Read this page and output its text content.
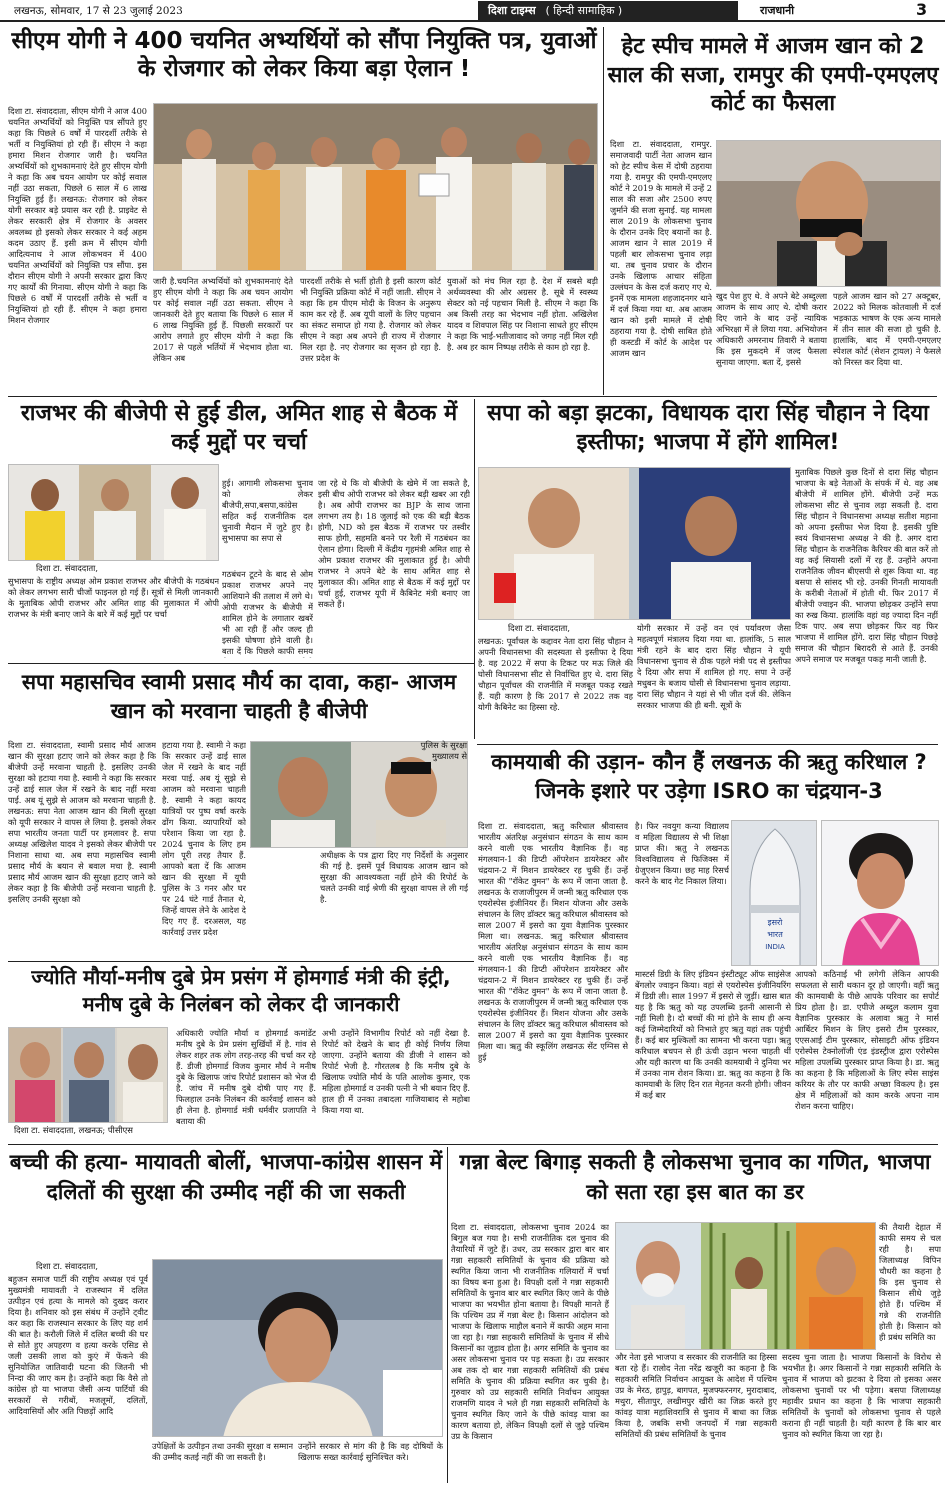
लखनऊ, सोमवार, 17 से 23 जुलाई 2023	दिशा टाइम्स ( हिन्दी सामाहिक )	राजधानी	3
सीएम योगी ने 400 चयनित अभ्यर्थियों को सौंपा नियुक्ति पत्र, युवाओं के रोजगार को लेकर किया बड़ा ऐलान !
दिशा टा. संवाददाता, सीएम योगी ने आज 400 चयनित अभ्यर्थियों को नियुक्ति पत्र सौंपते हुए कहा कि पिछले 6 वर्षों में पारदर्शी तरीके से भर्ती व नियुक्तियां हो रही हैं। सीएम ने कहा हमारा मिशन रोजगार जारी है। चयनित अभ्यर्थियों को शुभकामनाएं देते हुए सीएम योगी ने कहा कि अब चयन आयोग पर कोई सवाल नहीं उठा सकता, पिछले 6 साल में 6 लाख नियुक्ति हुई हैं। लखनऊ: रोजगार को लेकर योगी सरकार बड़े प्रयास कर रही है. प्राइवेट से लेकर सरकारी क्षेत्र में रोजगार के अवसर अवलब्ध हो इसको लेकर सरकार ने कई अहम कदम उठाए हैं. इसी क्रम में सीएम योगी आदित्यनाथ ने आज लोकभवन में 400 चयनित अभ्यर्थियों को नियुक्ति पत्र सौंपा. इस दौरान सीएम योगी ने अपनी सरकार द्वारा किए गए कार्यों की गिनाया. सीएम योगी ने कहा कि पिछले 6 वर्षों में पारदर्शी तरीके से भर्ती व नियुक्तियां हो रही हैं. सीएम ने कहा हमारा मिशन रोजगार
जारी है.चयनित अभ्यर्थियों को शुभकामनाएं देते हुए सीएम योगी ने कहा कि अब चयन आयोग पर कोई सवाल नहीं उठा सकता. सीएम ने जानकारी देते हुए बताया कि पिछले 6 साल में 6 लाख नियुक्ति हुई हैं. पिछली सरकारों पर आरोप लगाते हुए सीएम योगी ने कहा कि 2017 से पहले भर्तियों में भेदभाव होता था. लेकिन अब
पारदर्शी तरीके से भर्ती होती है इसी कारण कोर्ट भी नियुक्ति प्रक्रिया कोर्ट में नहीं जाती. सीएम ने कहा कि हम पीएम मोदी के विजन के अनुरूप काम कर रहे हैं. अब यूपी वालों के लिए पहचान का संकट समाप्त हो गया है. रोजगार को लेकर सीएम ने कहा अब अपने ही राज्य में रोजगार मिल रहा है. नए रोजगार का सृजन हो रहा है. उत्तर प्रदेश के
युवाओं को मंच मिल रहा है. देश में सबसे बड़ी अर्थव्यवस्था की ओर अग्रसर है. सूबे में स्वस्थ्य सेक्टर को नई पहचान मिली है. सीएम ने कहा कि अब किसी तरह का भेदभाव नहीं होता. अखिलेश यादव व शिवपाल सिंह पर निशाना साधते हुए सीएम ने कहा कि भाई-भतीजावाद को जगह नहीं मिल रही है. अब हर काम निष्पक्ष तरीके से काम हो रहा है.
हेट स्पीच मामले में आजम खान को 2 साल की सजा, रामपुर की एमपी-एमएलए कोर्ट का फैसला
दिशा टा. संवाददाता, रामपुर. समाजवादी पार्टी नेता आजम खान को हेट स्पीच केस में दोषी ठहराया गया है. रामपुर की एमपी-एमएलए कोर्ट ने 2019 के मामले में उन्हें 2 साल की सजा और 2500 रुपए जुर्माने की सजा सुनाई. यह मामला साल 2019 के लोकसभा चुनाव के दौरान उनके दिए बयानों का है. आजम खान ने साल 2019 में पहली बार लोकसभा चुनाव लड़ा था. तब चुनाव प्रचार के दौरान उनके खिलाफ आचार संहिता उल्लंघन के केस दर्ज कराए गए थे. इनमें एक मामला शहजादनगर थाने में दर्ज किया गया था. अब आजम खान को इसी मामले में दोषी ठहराया गया है. दोषी साबित होते ही कस्टडी में कोर्ट के आदेश पर आजम खान
खुद पेश हुए थे. वे अपने बेटे अब्दुल्ला आजम के साथ आए थे. दोषी करार दिए जाने के बाद उन्हें न्यायिक अभिरक्षा में ले लिया गया. अभियोजन अधिकारी अमरनाथ तिवारी ने बताया कि इस मुकदमे में जल्द फैसला सुनाया जाएगा. बता दें, इससे
पहले आजम खान को 27 अक्टूबर, 2022 को मिलक कोतवाली में दर्ज भड़काऊ भाषण के एक अन्य मामले में तीन साल की सजा हो चुकी है. हालांकि, बाद में एमपी-एमएलए स्पेशल कोर्ट (सेशन ट्रायल) ने फैसले को निरस्त कर दिया था.
राजभर की बीजेपी से हुई डील, अमित शाह से बैठक में कई मुद्दों पर चर्चा
दिशा टा. संवाददाता,
सुभासपा के राष्ट्रीय अध्यक्ष ओम प्रकाश राजभर और बीजेपी के गठबंधन को लेकर लगभग सारी चीजों फाइनल हो गई हैं। सूत्रों से मिली जानकारी के मुताबिक ओपी राजभर और अमित शाह की मुलाकात में ओपी राजभर के मंत्री बनाए जाने के बारे में कई मुद्दों पर चर्चा
हुई। आगामी लोकसभा चुनाव को लेकर बीजेपी,सपा,बसपा,कांग्रेस सहित कई राजनीतिक दल चुनावी मैदान में जुटे हुए है। सुभासपा का सपा से
गठबंधन टूटने के बाद से ओम प्रकाश राजभर अपने नए आशियाने की तलाश में लगे थे। ओपी राजभर के बीजेपी में शामिल होने के लगातार खबरें भी आ रही हैं और जल्द ही इसकी घोषणा होने वाली है। बता दें कि पिछले काफी समय
जा रहे थे कि वो बीजेपी के खेमे में जा सकते है, इसी बीच ओपी राजभर को लेकर बड़ी खबर आ रही है। अब ओपी राजभर का BJP के साथ जाना लगभग तय है। 18 जुलाई को एक की बड़ी बैठक होगी, ND को इस बैठक में राजभर पर तस्वीर साफ होगी, सहमति बनने पर रैली में गठबंधन का ऐलान होगा। दिल्ली में केंद्रीय गृहमंत्री अमित शाह से ओम प्रकाश राजभर की मुलाकात हुई है। ओपी राजभर ने अपने बेटे के साथ अमित शाह से मुलाकात की। अमित शाह से बैठक में कई मुद्दों पर चर्चा हुई, राजभर यूपी में कैबिनेट मंत्री बनाए जा सकते हैं।
सपा को बड़ा झटका, विधायक दारा सिंह चौहान ने दिया इस्तीफा; भाजपा में होंगे शामिल!
दिशा टा. संवाददाता,
लखनऊ: पूर्वांचल के कद्दावर नेता दारा सिंह चौहान ने अपनी विधानसभा की सदस्यता से इस्तीफा दे दिया है. वह 2022 में सपा के टिकट पर मऊ जिले की घोसी विधानसभा सीट से निर्वाचित हुए थे. दारा सिंह चौहान पूर्वांचल की राजनीति में मजबूत पकड़ रखते हैं. यही कारण है कि 2017 से 2022 तक वह योगी कैबिनेट का हिस्सा रहे.
योगी सरकार में उन्हें वन एवं पर्यावरण जैसा महत्वपूर्ण मंत्रालय दिया गया था. हालांकि, 5 साल मंत्री रहने के बाद दारा सिंह चौहान ने यूपी विधानसभा चुनाव से ठीक पहले मंत्री पद से इस्तीफा दे दिया और सपा में शामिल हो गए. सपा ने उन्हें मधुबन के बजाय घोसी से विधानसभा चुनाव लड़ाया. दारा सिंह चौहान ने यहां से भी जीत दर्ज की. लेकिन सरकार भाजपा की ही बनी. सूत्रों के
मुताबिक पिछले कुछ दिनों से दारा सिंह चौहान भाजपा के बड़े नेताओं के संपर्क में थे. वह अब बीजेपी में शामिल होंगे. बीजेपी उन्हें मऊ लोकसभा सीट से चुनाव लड़ा सकती है. दारा सिंह चौहान ने विधानसभा अध्यक्ष सतीश महाना को अपना इस्तीफा भेज दिया है. इसकी पुष्टि स्वयं विधानसभा अध्यक्ष ने की है. अगर दारा सिंह चौहान के राजनैतिक कैरियर की बात करें तो वह कई सियासी दलों में रह हैं. उन्होंने अपना राजनैतिक जीवन बीएसपी से शुरू किया था. वह बसपा से सांसद भी रहे. उनकी गिनती मायावती के करीबी नेताओं में होती थी. फिर 2017 में बीजेपी ज्वाइन की. भाजपा छोड़कर उन्होंने सपा का रुख किया. हालांकि वहां वह ज्यादा दिन नहीं टिक पाए. अब सपा छोड़कर फिर वह फिर भाजपा में शामिल होंगे. दारा सिंह चौहान पिछड़े समाज की चौहान बिरादरी से आते हैं. उनकी अपने समाज पर मजबूत पकड़ मानी जाती है.
सपा महासचिव स्वामी प्रसाद मौर्य का दावा, कहा- आजम खान को मरवाना चाहती है बीजेपी
दिशा टा. संवाददाता, स्वामी प्रसाद मौर्य आजम खान की सुरक्षा हटाए जाने को लेकर कहा है कि बीजेपी उन्हें मरवाना चाहती है. इसलिए उनकी सुरक्षा को हटाया गया है. स्वामी ने कहा कि सरकार उन्हें ढाई साल जेल में रखने के बाद नहीं मरवा पाई. अब यूं सुझे से आजम को मरवाना चाहती है. लखनऊ: सपा नेता आजम खान की मिली सुरक्षा को यूपी सरकार ने वापस ले लिया है. इसको लेकर सपा भारतीय जनता पार्टी पर हमलावर है. सपा अध्यक्ष अखिलेश यादव ने इसको लेकर बीजेपी पर निशाना साधा था. अब सपा महासचिव स्वामी प्रसाद मौर्य के बयान से बवाल मचा है. स्वामी प्रसाद मौर्य आजम खान की सुरक्षा हटाए जाने को लेकर कहा है कि बीजेपी उन्हें मरवाना चाहती है. इसलिए उनकी सुरक्षा को
हटाया गया है. स्वामी ने कहा कि सरकार उन्हें ढाई साल जेल में रखने के बाद नहीं मरवा पाई. अब यूं सुझे से आजम को मरवाना चाहती है. स्वामी ने कहा कायद यात्रियों पर पुष्प वर्षा करके ढोंग किया. व्यापारियों को परेशान किया जा रहा है. 2024 चुनाव के लिए हम लोग पूरी तरह तैयार हैं. आपको बता दें कि आजम खान की सुरक्षा में यूपी पुलिस के 3 गनर और घर पर 24 घंटे गार्ड तैनात थे, जिन्हें वापस लेने के आदेश दे दिए गए हैं. दरअसल, यह कार्रवाई उत्तर प्रदेश
पुलिस के सुरक्षा मुख्यालय से
अधीक्षक के पत्र द्वारा दिए गए निर्देशों के अनुसार की गई है. इसमें पूर्व विधायक आजम खान को सुरक्षा की आवश्यकता नहीं होने की रिपोर्ट के चलते उनकी वाई श्रेणी की सुरक्षा वापस ले ली गई है.
कामयाबी की उड़ान- कौन हैं लखनऊ की ऋतु करिधाल ? जिनके इशारे पर उड़ेगा ISRO का चंद्रयान-3
दिशा टा. संवाददाता, ऋतु करिधाल श्रीवास्तव भारतीय अंतरिक्ष अनुसंधान संगठन के साथ काम करने वाली एक भारतीय वैज्ञानिक हैं। वह मंगलयान-1 की डिप्टी ऑपरेशन डायरेक्टर और चंद्रयान-2 में मिशन डायरेक्टर रह चुकी हैं। उन्हें भारत की "रॉकेट वुमन" के रूप में जाना जाता है. लखनऊ के राजाजीपुरम में जन्मी ऋतु करिधाल एक एयरोस्पेस इंजीनियर हैं। मिशन योजना और उसके संचालन के लिए डॉक्टर ऋतु करिधाल श्रीवास्तव को साल 2007 में इसरो का युवा वैज्ञानिक पुरस्कार मिला था। लखनऊ. ऋतु करिधाल श्रीवास्तव भारतीय अंतरिक्ष अनुसंधान संगठन के साथ काम करने वाली एक भारतीय वैज्ञानिक हैं। वह मंगलयान-1 की डिप्टी ऑपरेशन डायरेक्टर और चंद्रयान-2 में मिशन डायरेक्टर रह चुकी हैं। उन्हें भारत की "रॉकेट वुमन" के रूप में जाना जाता है. लखनऊ के राजाजीपुरम में जन्मी ऋतु करिधाल एक एयरोस्पेस इंजीनियर हैं। मिशन योजना और उसके संचालन के लिए डॉक्टर ऋतु करिधाल श्रीवास्तव को साल 2007 में इसरो का युवा वैज्ञानिक पुरस्कार मिला था। ऋतु की स्कूलिंग लखनऊ सेंट एग्निस से हुई
है। फिर नवयुग कन्या विद्यालय व महिला विद्यालय से भी शिक्षा प्राप्त की। ऋतु ने लखनऊ विश्वविद्यालय से फिजिक्स में ग्रेजुएशन किया। छह माह रिसर्च करने के बाद गेट निकाल लिया।
इसरो
भारत
INDIA
मास्टर्स डिग्री के लिए इंडियन इंस्टीट्यूट ऑफ साइंसेज बेंगलोर ज्वाइन किया। वहां से एयरोस्पेस इंजीनियरिंग में डिग्री ली। साल 1997 में इसरो से जुड़ीं। खास बात यह है कि ऋतु को यह उपलब्धि इतनी आसानी से नहीं मिली है। दो बच्चों की मां होने के साथ ही अन्य कई जिम्मेदारियों को निभाते हुए ऋतु यहां तक पहुंची हैं। कई बार मुश्किलों का सामना भी करना पड़ा। ऋतु करिधाल बचपन से ही ऊंची उड़ान भरना चाहती थीं और यही कारण था कि उनकी कामयाबी ने दुनिया भर में उनका नाम रोशन किया। डा. ऋतु का कहना है कि कामयाबी के लिए दिन रात मेहनत करनी होगी। जीवन में कई बार
आपको कठिनाई भी लगेगी लेकिन आपकी सफलता से सारी थकान दूर हो जाएगी। वहीं ऋतु की कामयाबी के पीछे आपके परिवार का सपोर्ट प्रिय होता है। डा. एपीजे अब्दुल कलाम युवा वैज्ञानिक पुरस्कार के अलावा ऋतु ने मार्स आर्बिटर मिशन के लिए इसरो टीम पुरस्कार, एएसआई टीम पुरस्कार, सोसाइटी ऑफ इंडियन एरोस्पेस टेक्नोलॉजी एंड इंडस्ट्रीज द्वारा एरोस्पेस महिला उपलब्धि पुरस्कार प्राप्त किया है। डा. ऋतु का कहना है कि महिलाओं के लिए स्पेस साइंस करियर के तौर पर काफी अच्छा विकल्प है। इस क्षेत्र में महिलाओं को काम करके अपना नाम रोशन करना चाहिए।
ज्योति मौर्या-मनीष दुबे प्रेम प्रसंग में होमगार्ड मंत्री की इंट्री, मनीष दुबे के निलंबन को लेकर दी जानकारी
दिशा टा. संवाददाता, लखनऊ; पीसीएस
अधिकारी ज्योति मौर्या व होमगार्ड कमांडेंट मनीष दुबे के प्रेम प्रसंग सुर्खियों में है. गांव से लेकर शहर तक लोग तरह-तरह की चर्चा कर रहे हैं. डीजी होमगार्ड विजय कुमार मौर्य ने मनीष दुबे के खिलाफ जांच रिपोर्ट प्रशासन को भेज दी है. जांच में मनीष दुबे दोषी पाए गए हैं. फिलहाल उनके निलंबन की कार्रवाई शासन को ही लेना है. होमगार्ड मंत्री धर्मवीर प्रजापति ने बताया की
अभी उन्होंने विभागीय रिपोर्ट को नहीं देखा है. रिपोर्ट को देखने के बाद ही कोई निर्णय लिया जाएगा. उन्होंने बताया की डीजी ने शासन को रिपोर्ट भेजी है. गौरतलब है कि मनीष दुबे के खिलाफ ज्योति मौर्य के पति आलोक कुमार, एक महिला होमगार्ड व उनकी पत्नी ने भी बयान दिए हैं. हाल ही में उनका तबादला गाजियाबाद से महोबा किया गया था.
बच्ची की हत्या- मायावती बोलीं, भाजपा-कांग्रेस शासन में दलितों की सुरक्षा की उम्मीद नहीं की जा सकती
दिशा टा. संवाददाता,
बहुजन समाज पार्टी की राष्ट्रीय अध्यक्ष एवं पूर्व मुख्यमंत्री मायावती ने राजस्थान में दलित उत्पीड़न एवं हत्या के मामले को दुखद करार दिया है। शनिवार को इस संबंध में उन्होंने ट्वीट कर कहा कि राजस्थान सरकार के लिए यह शर्म की बात है। करौली जिले में दलित बच्ची की घर से सोते हुए अपहरण व हत्या करके एसिड से जली उसकी लाश को कुएं में फेंकने की सुनियोजित जातिवादी घटना की जितनी भी निन्दा की जाए कम है। उन्होंने कहा कि वैसे तो कांग्रेस हो या भाजपा जैसी अन्य पार्टियों की सरकारों से गरीबों, मजलूमों, दलितों, आदिवासियों और अति पिछड़ों आदि
उपेक्षितों के उत्पीड़न तथा उनकी सुरक्षा व सम्मान की उम्मीद कतई नहीं की जा सकती है।
उन्होंने सरकार से मांग की है कि वह दोषियों के खिलाफ सख्त कार्रवाई सुनिश्चित करे।
गन्ना बेल्ट बिगाड़ सकती है लोकसभा चुनाव का गणित, भाजपा को सता रहा इस बात का डर
दिशा टा. संवाददाता, लोकसभा चुनाव 2024 का बिगुल बज गया है। सभी राजनीतिक दल चुनाव की तैयारियों में जुटे हैं। उधर, उप्र सरकार द्वारा बार बार गन्ना सहकारी समितियों के चुनाव की प्रक्रिया को स्थगित किया जाना भी राजनीतिक गलियारों में चर्चा का विषय बना हुआ है। विपक्षी दलों ने गन्ना सहकारी समितियों के चुनाव बार बार स्थगित किए जाने के पीछे भाजपा का भयभीत होना बताया है। विपक्षी मानते हैं कि पश्चिम उप्र में गन्ना बेल्ट है। किसान आंदोलन को भाजपा के खिलाफ माहौल बनाने में काफी अहम माना जा रहा है। गन्ना सहकारी समितियों के चुनाव में सीधे किसानों का जुड़ाव होता है। अगर समिति के चुनाव का असर लोकसभा चुनाव पर पड़ सकता है। उप्र सरकार अब तक दो बार गन्ना सहकारी समितियों की प्रबंध समिति के चुनाव की प्रक्रिया स्थगित कर चुकी है। गुरुवार को उप्र सहकारी समिति निर्वाचन आयुक्त राजमणि यादव ने भले ही गन्ना सहकारी समितियों के चुनाव स्थगित किए जाने के पीछे कांवड़ यात्रा का कारण बताया हो, लेकिन विपक्षी दलों से जुड़े पश्चिम उप्र के किसान
और नेता इसे भाजपा व सरकार की राजनीति का हिस्सा बता रहे हैं। रालोद नेता नरेंद्र खजूरी का कहना है कि सहकारी समिति निर्वाचन आयुक्त के आदेश में पश्चिम उप्र के मेरठ, हापुड़, बागपत, मुजफ्फरनगर, मुरादाबाद, मथुरा, सीतापुर, लखीमपुर खीरी का जिक्र करते हुए कांवड़ यात्रा महाशिवरात्रि से चुनाव में बाधा का जिक्र किया है, जबकि सभी जनपदों में गन्ना सहकारी समितियों की प्रबंध समितियों के चुनाव
की तैयारी देहात में काफी समय से चल रही है। सपा जिलाध्यक्ष विपिन चौधरी का कहना है कि इस चुनाव से किसान सीधे जुड़े होते हैं। पश्चिम में गन्ने की राजनीति होती है। किसान को ही प्रबंध समिति का
सदस्य चुना जाता है। भाजपा किसानों के विरोध से भयभीत है। अगर किसानों ने गन्ना सहकारी समिति के चुनाव में भाजपा को झटका दे दिया तो इसका असर लोकसभा चुनावों पर भी पड़ेगा। बसपा जिलाध्यक्ष महावीर प्रधान का कहना है कि भाजपा सहकारी समितियों के चुनावों को लोकसभा चुनाव से पहले कराना ही नहीं चाहती है। यही कारण है कि बार बार चुनाव को स्थगित किया जा रहा है।
